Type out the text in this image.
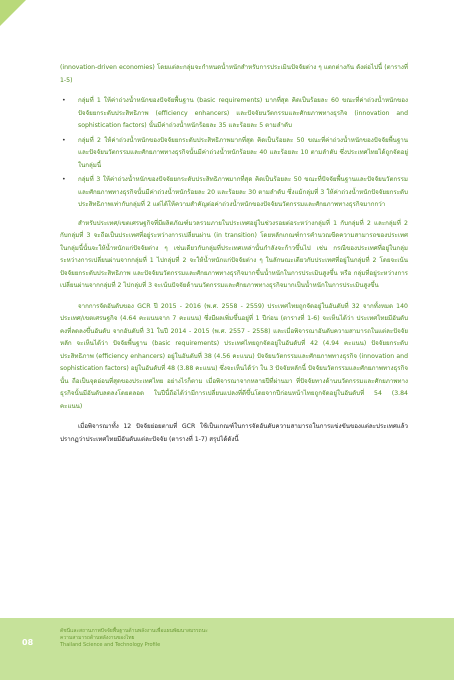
(innovation-driven economies) โดยแต่ละกลุ่มจะกำหนดน้ำหนักสำหรับการประเมินปัจจัยต่าง ๆ แตกต่างกัน ดังต่อไปนี้ (ตารางที่ 1-5)

• กลุ่มที่ 1 ให้ค่าถ่วงน้ำหนักของปัจจัยพื้นฐาน (basic requirements) มากที่สุด คิดเป็นร้อยละ 60 ขณะที่ค่าถ่วงน้ำหนักของปัจจัยยกระดับประสิทธิภาพ (efficiency enhancers) และปัจจัยนวัตกรรมและศักยภาพทางธุรกิจ (innovation and sophistication factors) นั้นมีค่าถ่วงน้ำหนักร้อยละ 35 และร้อยละ 5 ตามลำดับ
• กลุ่มที่ 2 ให้ค่าถ่วงน้ำหนักของปัจจัยยกระดับประสิทธิภาพมากที่สุด คิดเป็นร้อยละ 50 ขณะที่ค่าถ่วงน้ำหนักของปัจจัยพื้นฐานและปัจจัยนวัตกรรมและศักยภาพทางธุรกิจนั้นมีค่าถ่วงน้ำหนักร้อยละ 40 และร้อยละ 10 ตามลำดับ ซึ่งประเทศไทยได้ถูกจัดอยู่ในกลุ่มนี้
• กลุ่มที่ 3 ให้ค่าถ่วงน้ำหนักของปัจจัยยกระดับประสิทธิภาพมากที่สุด คิดเป็นร้อยละ 50 ขณะที่ปัจจัยพื้นฐานและปัจจัยนวัตกรรมและศักยภาพทางธุรกิจนั้นมีค่าถ่วงน้ำหนักร้อยละ 20 และร้อยละ 30 ตามลำดับ ซึ่งแม้กลุ่มที่ 3 ให้ค่าถ่วงน้ำหนักปัจจัยยกระดับประสิทธิภาพเท่ากับกลุ่มที่ 2 แต่ได้ให้ความสำคัญต่อค่าถ่วงน้ำหนักของปัจจัยนวัตกรรมและศักยภาพทางธุรกิจมากกว่า

สำหรับประเทศ/เขตเศรษฐกิจที่มีผลิตภัณฑ์มวลรวมภายในประเทศอยู่ในช่วงรอยต่อระหว่างกลุ่มที่ 1 กับกลุ่มที่ 2 และกลุ่มที่ 2 กับกลุ่มที่ 3 จะถือเป็นประเทศที่อยู่ระหว่างการเปลี่ยนผ่าน (in transition) โดยหลักเกณฑ์การคำนวณขีดความสามารถของประเทศในกลุ่มนี้นั้นจะให้น้ำหนักแก่ปัจจัยต่าง ๆ เช่นเดียวกับกลุ่มที่ประเทศเหล่านั้นกำลังจะก้าวขึ้นไป เช่น กรณีของประเทศที่อยู่ในกลุ่มระหว่างการเปลี่ยนผ่านจากกลุ่มที่ 1 ไปกลุ่มที่ 2 จะให้น้ำหนักแก่ปัจจัยต่าง ๆ ในลักษณะเดียวกับประเทศที่อยู่ในกลุ่มที่ 2 โดยจะเน้นปัจจัยยกระดับประสิทธิภาพ และปัจจัยนวัตกรรมและศักยภาพทางธุรกิจมากขึ้นน้ำหนักในการประเมินสูงขึ้น หรือ กลุ่มที่อยู่ระหว่างการเปลี่ยนผ่านจากกลุ่มที่ 2 ไปกลุ่มที่ 3 จะเน้นปัจจัยด้านนวัตกรรมและศักยภาพทางธุรกิจมากเป็นน้ำหนักในการประเมินสูงขึ้น

จากการจัดอันดับของ GCR ปี 2015 - 2016 (พ.ศ. 2558 - 2559) ประเทศไทยถูกจัดอยู่ในอันดับที่ 32 จากทั้งหมด 140 ประเทศ/เขตเศรษฐกิจ (4.64 คะแนนจาก 7 คะแนน) ซึ่งมีผลเพิ่มขึ้นอยู่ที่ 1 ปีก่อน (ตารางที่ 1-6) จะเห็นได้ว่า ประเทศไทยมีอันดับคงที่ลดลงขึ้นอันดับ จากอันดับที่ 31 ในปี 2014 - 2015 (พ.ศ. 2557 - 2558) และเมื่อพิจารณาอันดับความสามารถในแต่ละปัจจัยหลัก จะเห็นได้ว่า ปัจจัยพื้นฐาน (basic requirements) ประเทศไทยถูกจัดอยู่ในอันดับที่ 42 (4.94 คะแนน) ปัจจัยยกระดับประสิทธิภาพ (efficiency enhancers) อยู่ในอันดับที่ 38 (4.56 คะแนน) ปัจจัยนวัตกรรมและศักยภาพทางธุรกิจ (innovation and sophistication factors) อยู่ในอันดับที่ 48 (3.88 คะแนน) ซึ่งจะเห็นได้ว่า ใน 3 ปัจจัยหลักนี้ ปัจจัยนวัตกรรมและศักยภาพทางธุรกิจนั้น ถือเป็นจุดอ่อนที่สุดของประเทศไทย อย่างไรก็ตาม เมื่อพิจารณาจากหลายปีที่ผ่านมา ที่ปัจจัยทางด้านนวัตกรรมและศักยภาพทางธุรกิจนั้นมีอันดับลดลงโดยตลอด ในปีนี้ถือได้ว่ามีการเปลี่ยนแปลงที่ดีขึ้นโดยจากปีก่อนหน้าไทยถูกจัดอยู่ในอันดับที่ 54 (3.84 คะแนน)

เมื่อพิจารณาทั้ง 12 ปัจจัยย่อยตามที่ GCR ใช้เป็นเกณฑ์ในการจัดอันดับความสามารถในการแข่งขันของแต่ละประเทศแล้ว ปรากฏว่าประเทศไทยมีอันดับแต่ละปัจจัย (ตารางที่ 1-7) สรุปได้ดังนี้

08
ดัชนีและสถานภาพปัจจัยพื้นฐานด้านพลังงานเพื่อแผนพัฒนาสมรรถนะ
ความสามารถด้านพลังงานของไทย
Thailand Science and Technology Profile
